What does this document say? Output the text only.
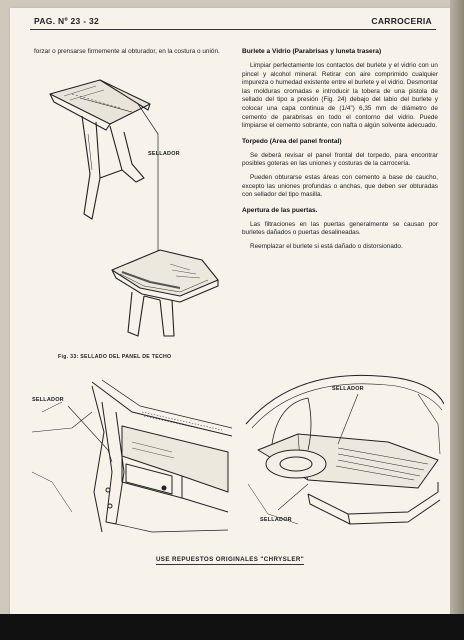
PAG. Nº 23 - 32	CARROCERIA

forzar o prensarse firmemente al obturador, en la costura o unión.

SELLADOR
Fig. 33: SELLADO DEL PANEL DE TECHO
Burlete a Vidrio (Parabrisas y luneta trasera)

Limpiar perfectamente los contactos del burlete y el vidrio con un pincel y alcohol mineral. Retirar con aire comprimido cualquier impureza o humedad existente entre el burlete y el vidrio. Desmontar las molduras cromadas e introducir la tobera de una pistola de sellado del tipo a presión (Fig. 24) debajo del labio del burlete y colocar una capa continua de (1/4") 6,35 mm de diámetro de cemento de parabrisas en todo el contorno del vidrio. Puede limpiarse el cemento sobrante, con nafta o algún solvente adecuado.

Torpedo (Area del panel frontal)

Se deberá revisar el panel frontal del torpedo, para encontrar posibles goteras en las uniones y costuras de la carrocería.

Pueden obturarse estas áreas con cemento a base de caucho, excepto las uniones profundas o anchas, que deben ser obturadas con sellador del tipo masilla.

Apertura de las puertas.

Las filtraciones en las puertas generalmente se causan por burletes dañados o puertas desalineadas.

Reemplazar el burlete si está dañado o distorsionado.

SELLADOR
SELLADOR
SELLADOR
USE REPUESTOS ORIGINALES "CHRYSLER"
